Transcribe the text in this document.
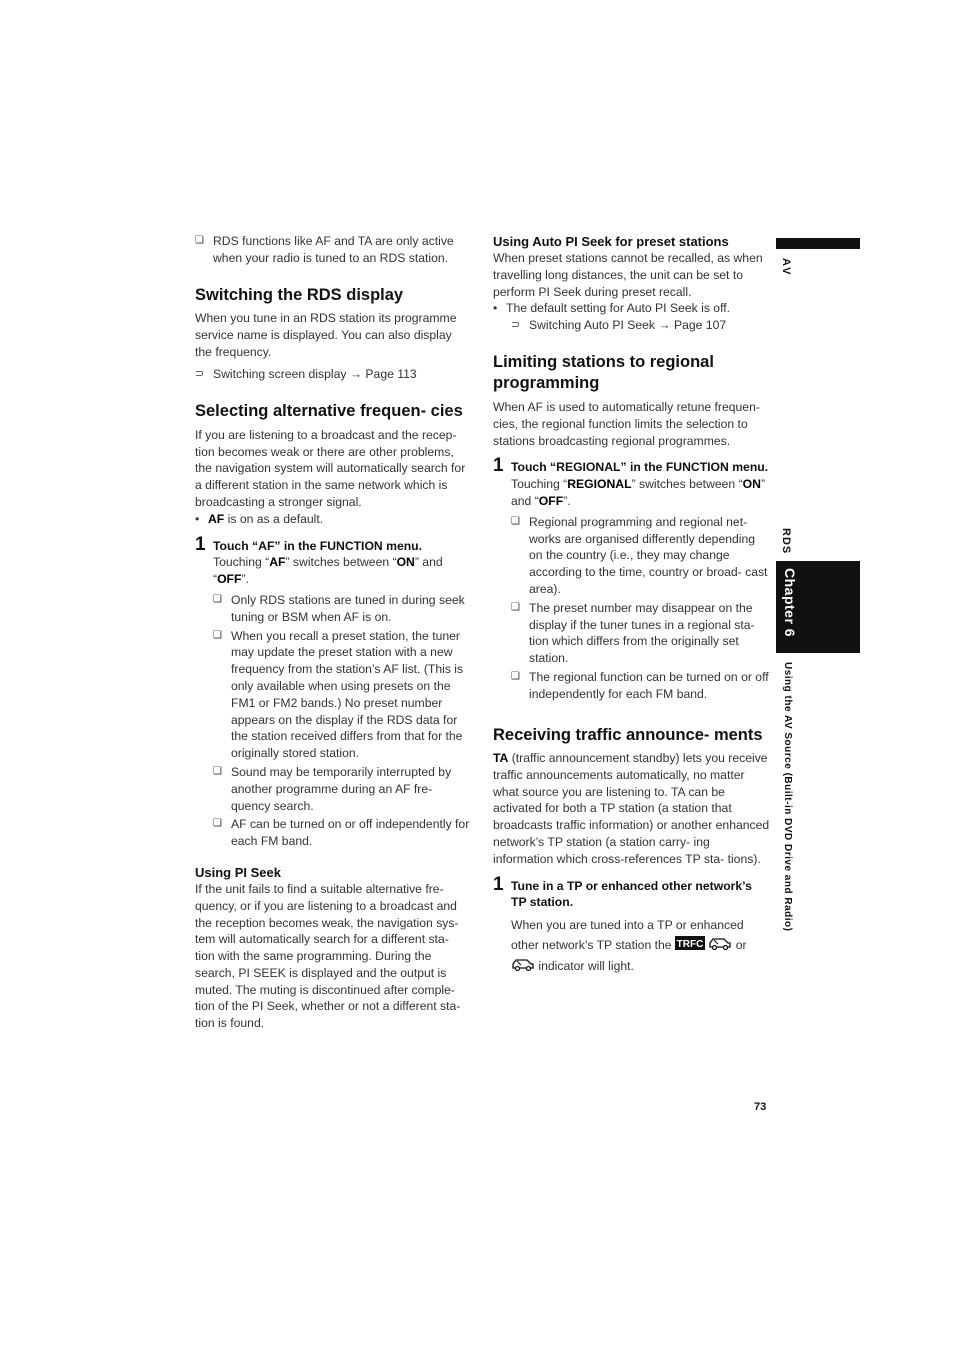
❑ RDS functions like AF and TA are only active when your radio is tuned to an RDS station.

Switching the RDS display

When you tune in an RDS station its programme service name is displayed. You can also display the frequency.

⊃ Switching screen display → Page 113

Selecting alternative frequen- cies

If you are listening to a broadcast and the recep- tion becomes weak or there are other problems, the navigation system will automatically search for a different station in the same network which is broadcasting a stronger signal.

• AF is on as a default.

1 Touch “AF” in the FUNCTION menu.

Touching “AF” switches between “ON” and “OFF”.

❑ Only RDS stations are tuned in during seek tuning or BSM when AF is on.

❑ When you recall a preset station, the tuner may update the preset station with a new frequency from the station’s AF list. (This is only available when using presets on the FM1 or FM2 bands.) No preset number appears on the display if the RDS data for the station received differs from that for the originally stored station.

❑ Sound may be temporarily interrupted by another programme during an AF fre- quency search.

❑ AF can be turned on or off independently for each FM band.

Using PI Seek

If the unit fails to find a suitable alternative fre- quency, or if you are listening to a broadcast and the reception becomes weak, the navigation sys- tem will automatically search for a different sta- tion with the same programming. During the search, PI SEEK is displayed and the output is muted. The muting is discontinued after comple- tion of the PI Seek, whether or not a different sta- tion is found.

Using Auto PI Seek for preset stations

When preset stations cannot be recalled, as when travelling long distances, the unit can be set to perform PI Seek during preset recall.

• The default setting for Auto PI Seek is off.

⊃ Switching Auto PI Seek → Page 107

Limiting stations to regional programming

When AF is used to automatically retune frequen- cies, the regional function limits the selection to stations broadcasting regional programmes.

1 Touch “REGIONAL” in the FUNCTION menu.

Touching “REGIONAL” switches between “ON” and “OFF”.

❑ Regional programming and regional net- works are organised differently depending on the country (i.e., they may change according to the time, country or broad- cast area).

❑ The preset number may disappear on the display if the tuner tunes in a regional sta- tion which differs from the originally set station.

❑ The regional function can be turned on or off independently for each FM band.

Receiving traffic announce- ments

TA (traffic announcement standby) lets you receive traffic announcements automatically, no matter what source you are listening to. TA can be activated for both a TP station (a station that broadcasts traffic information) or another enhanced network’s TP station (a station carry- ing information which cross-references TP sta- tions).

1 Tune in a TP or enhanced other network’s TP station.

When you are tuned into a TP or enhanced other network’s TP station the TRFC or
indicator will light.

AV
RDS
Chapter 6
Using the AV Source (Built-in DVD Drive and Radio)
73
